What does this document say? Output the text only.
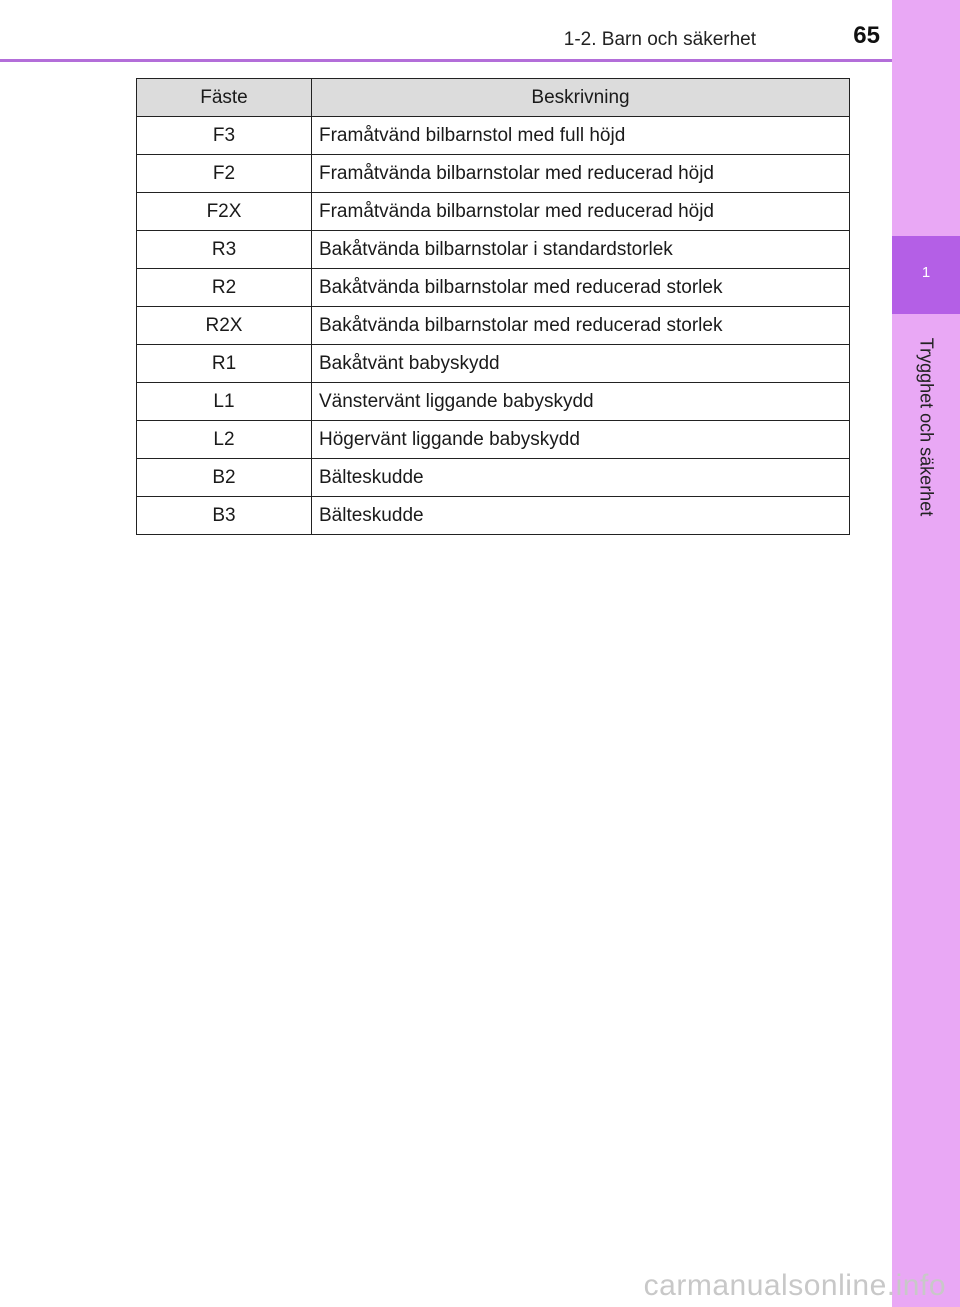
1-2. Barn och säkerhet	65
1
Trygghet och säkerhet
Fäste	Beskrivning
F3	Framåtvänd bilbarnstol med full höjd
F2	Framåtvända bilbarnstolar med reducerad höjd
F2X	Framåtvända bilbarnstolar med reducerad höjd
R3	Bakåtvända bilbarnstolar i standardstorlek
R2	Bakåtvända bilbarnstolar med reducerad storlek
R2X	Bakåtvända bilbarnstolar med reducerad storlek
R1	Bakåtvänt babyskydd
L1	Vänstervänt liggande babyskydd
L2	Högervänt liggande babyskydd
B2	Bälteskudde
B3	Bälteskudde
carmanualsonline.info
